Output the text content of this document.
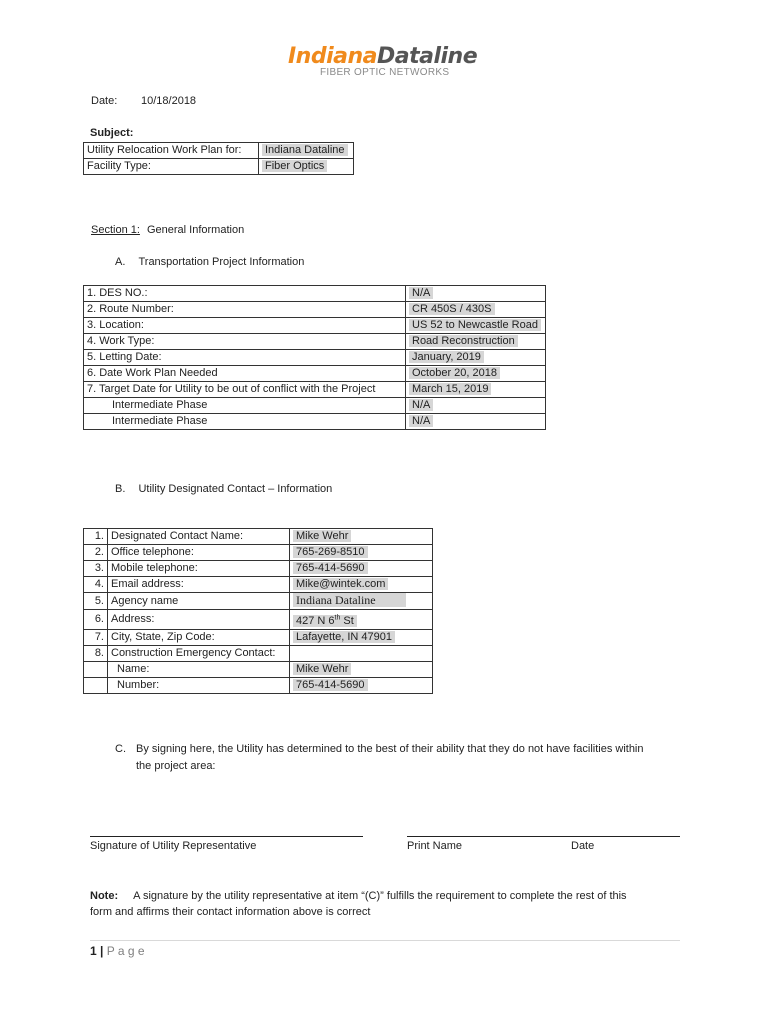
IndianaDataline
FIBER OPTIC NETWORKS
Date: 10/18/2018
Subject:
Utility Relocation Work Plan for:	Indiana Dataline
Facility Type:	Fiber Optics
Section 1: General Information
A. Transportation Project Information
1. DES NO.:	N/A
2. Route Number:	CR 450S / 430S
3. Location:	US 52 to Newcastle Road
4. Work Type:	Road Reconstruction
5. Letting Date:	January, 2019
6. Date Work Plan Needed	October 20, 2018
7. Target Date for Utility to be out of conflict with the Project	March 15, 2019
Intermediate Phase	N/A
Intermediate Phase	N/A
B. Utility Designated Contact – Information
1.	Designated Contact Name:	Mike Wehr
2.	Office telephone:	765-269-8510
3.	Mobile telephone:	765-414-5690
4.	Email address:	Mike@wintek.com
5.	Agency name	Indiana Dataline
6.	Address:	427 N 6th St
7.	City, State, Zip Code:	Lafayette, IN 47901
8.	Construction Emergency Contact:	
	Name:	Mike Wehr
	Number:	765-414-5690
C. By signing here, the Utility has determined to the best of their ability that they do not have facilities within
the project area:
Signature of Utility Representative	Print Name	Date
Note: A signature by the utility representative at item “(C)” fulfills the requirement to complete the rest of this
form and affirms their contact information above is correct
1 | P a g e
